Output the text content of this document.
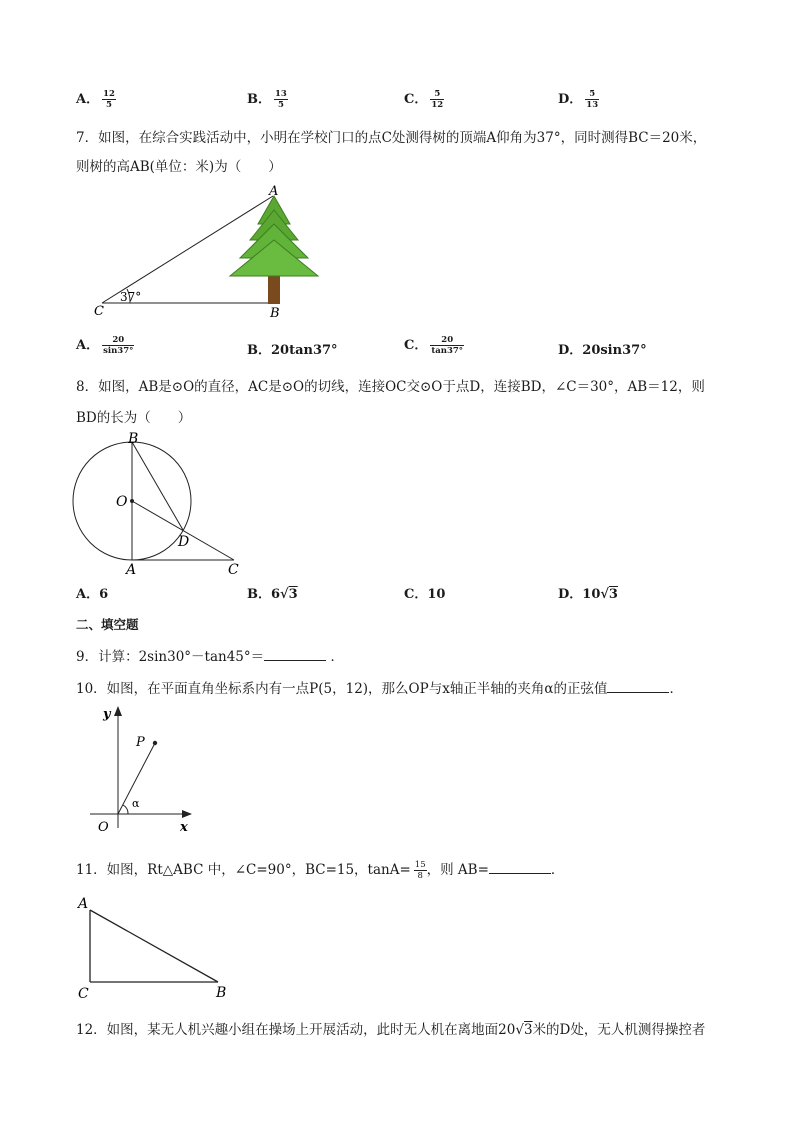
A． $\frac{12}{5}$	B． $\frac{13}{5}$	C． $\frac{5}{12}$	D． $\frac{5}{13}$
7．如图，在综合实践活动中，小明在学校门口的点C处测得树的顶端A仰角为37°，同时测得BC＝20米，
则树的高AB(单位：米)为（　　）
A
B
C
37°
A． $\frac{20}{\sin 37^\circ}$	B．20tan37°	C． $\frac{20}{\tan 37^\circ}$	D．20sin37°
8．如图，AB是⊙O的直径，AC是⊙O的切线，连接OC交⊙O于点D，连接BD，∠C＝30°，AB＝12，则
BD的长为（　　）
B
O
D
A	C
A．6	B．6√3	C．10	D．10√3
二、填空题
9．计算：2sin30°－tan45°＝	．
10．如图，在平面直角坐标系内有一点P(5，12)，那么OP与x轴正半轴的夹角α的正弦值	．
y
x
O
P
α
11．如图，Rt△ABC 中，∠C=90°，BC=15，$\tan A= \frac{15}{8}$ ，则 AB=	．
A
C	B
12．如图，某无人机兴趣小组在操场上开展活动，此时无人机在离地面20√3米的D处，无人机测得操控者
